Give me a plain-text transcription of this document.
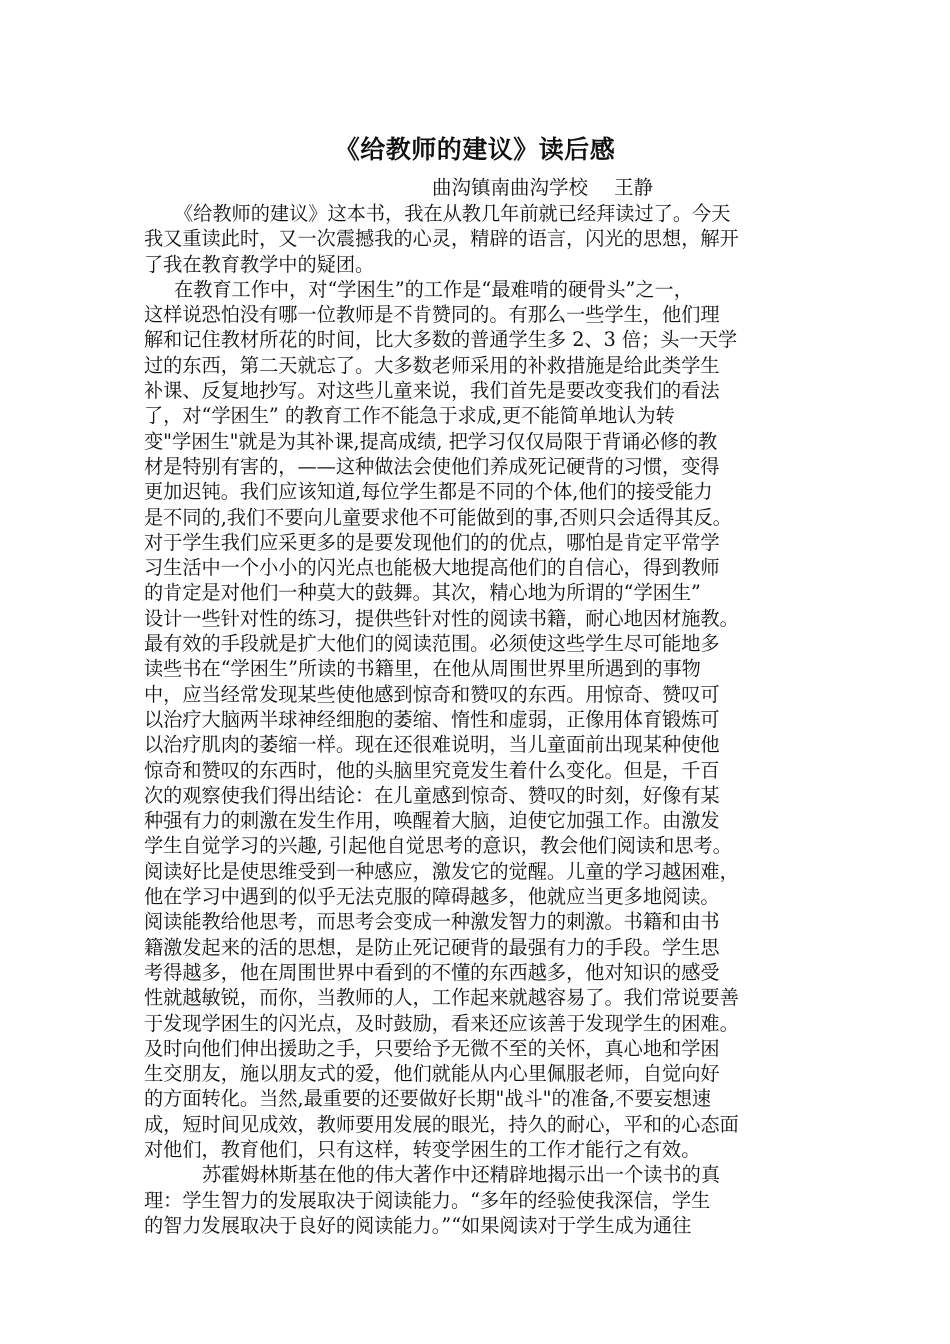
《给教师的建议》读后感
曲沟镇南曲沟学校 王静
《给教师的建议》这本书，我在从教几年前就已经拜读过了。今天
我又重读此时，又一次震撼我的心灵，精辟的语言，闪光的思想，解开
了我在教育教学中的疑团。
在教育工作中，对“学困生”的工作是“最难啃的硬骨头”之一，
这样说恐怕没有哪一位教师是不肯赞同的。有那么一些学生，他们理
解和记住教材所花的时间，比大多数的普通学生多 2、3 倍；头一天学
过的东西，第二天就忘了。大多数老师采用的补救措施是给此类学生
补课、反复地抄写。对这些儿童来说，我们首先是要改变我们的看法
了，对“学困生” 的教育工作不能急于求成,更不能简单地认为转
变"学困生"就是为其补课,提高成绩, 把学习仅仅局限于背诵必修的教
材是特别有害的，——这种做法会使他们养成死记硬背的习惯，变得
更加迟钝。我们应该知道,每位学生都是不同的个体,他们的接受能力
是不同的,我们不要向儿童要求他不可能做到的事,否则只会适得其反。
对于学生我们应采更多的是要发现他们的的优点，哪怕是肯定平常学
习生活中一个小小的闪光点也能极大地提高他们的自信心，得到教师
的肯定是对他们一种莫大的鼓舞。其次，精心地为所谓的“学困生”
设计一些针对性的练习，提供些针对性的阅读书籍，耐心地因材施教。
最有效的手段就是扩大他们的阅读范围。必须使这些学生尽可能地多
读些书在“学困生”所读的书籍里，在他从周围世界里所遇到的事物
中，应当经常发现某些使他感到惊奇和赞叹的东西。用惊奇、赞叹可
以治疗大脑两半球神经细胞的萎缩、惰性和虚弱，正像用体育锻炼可
以治疗肌肉的萎缩一样。现在还很难说明，当儿童面前出现某种使他
惊奇和赞叹的东西时，他的头脑里究竟发生着什么变化。但是，千百
次的观察使我们得出结论：在儿童感到惊奇、赞叹的时刻，好像有某
种强有力的刺激在发生作用，唤醒着大脑，迫使它加强工作。由激发
学生自觉学习的兴趣, 引起他自觉思考的意识，教会他们阅读和思考。
阅读好比是使思维受到一种感应，激发它的觉醒。儿童的学习越困难，
他在学习中遇到的似乎无法克服的障碍越多，他就应当更多地阅读。
阅读能教给他思考，而思考会变成一种激发智力的刺激。书籍和由书
籍激发起来的活的思想，是防止死记硬背的最强有力的手段。学生思
考得越多，他在周围世界中看到的不懂的东西越多，他对知识的感受
性就越敏锐，而你，当教师的人，工作起来就越容易了。我们常说要善
于发现学困生的闪光点，及时鼓励，看来还应该善于发现学生的困难。
及时向他们伸出援助之手，只要给予无微不至的关怀，真心地和学困
生交朋友，施以朋友式的爱，他们就能从内心里佩服老师，自觉向好
的方面转化。当然,最重要的还要做好长期"战斗"的准备,不要妄想速
成，短时间见成效，教师要用发展的眼光，持久的耐心，平和的心态面
对他们，教育他们，只有这样，转变学困生的工作才能行之有效。
苏霍姆林斯基在他的伟大著作中还精辟地揭示出一个读书的真
理：学生智力的发展取决于阅读能力。“多年的经验使我深信，学生
的智力发展取决于良好的阅读能力。”“如果阅读对于学生成为通往
